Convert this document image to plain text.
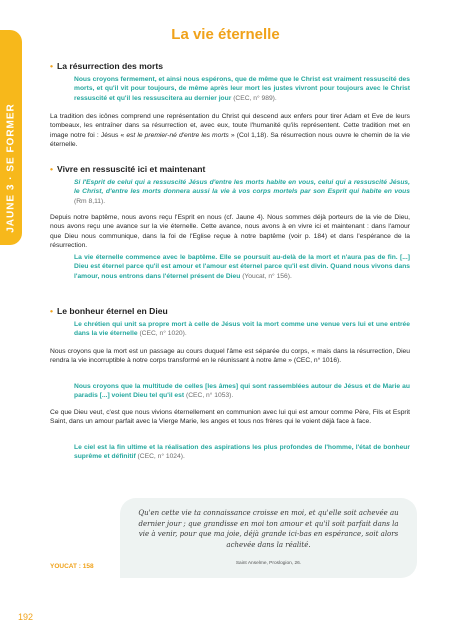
JAUNE 3 · SE FORMER
La vie éternelle
• La résurrection des morts
Nous croyons fermement, et ainsi nous espérons, que de même que le Christ est vraiment ressuscité des morts, et qu'il vit pour toujours, de même après leur mort les justes vivront pour toujours avec le Christ ressuscité et qu'il les ressuscitera au dernier jour (CEC, n° 989).
La tradition des icônes comprend une représentation du Christ qui descend aux enfers pour tirer Adam et Eve de leurs tombeaux, les entraîner dans sa résurrection et, avec eux, toute l'humanité qu'ils représentent. Cette tradition met en image notre foi : Jésus « est le premier-né d'entre les morts » (Col 1,18). Sa résurrection nous ouvre le chemin de la vie éternelle.
• Vivre en ressuscité ici et maintenant
Si l'Esprit de celui qui a ressuscité Jésus d'entre les morts habite en vous, celui qui a ressuscité Jésus, le Christ, d'entre les morts donnera aussi la vie à vos corps mortels par son Esprit qui habite en vous (Rm 8,11).
Depuis notre baptême, nous avons reçu l'Esprit en nous (cf. Jaune 4). Nous sommes déjà porteurs de la vie de Dieu, nous avons reçu une avance sur la vie éternelle. Cette avance, nous avons à en vivre ici et maintenant : dans l'amour que Dieu nous communique, dans la foi de l'Eglise reçue à notre baptême (voir p. 184) et dans l'espérance de la résurrection.
La vie éternelle commence avec le baptême. Elle se poursuit au-delà de la mort et n'aura pas de fin. [...] Dieu est éternel parce qu'il est amour et l'amour est éternel parce qu'il est divin. Quand nous vivons dans l'amour, nous entrons dans l'éternel présent de Dieu (Youcat, n° 156).
• Le bonheur éternel en Dieu
Le chrétien qui unit sa propre mort à celle de Jésus voit la mort comme une venue vers lui et une entrée dans la vie éternelle (CEC, n° 1020).
Nous croyons que la mort est un passage au cours duquel l'âme est séparée du corps, « mais dans la résurrection, Dieu rendra la vie incorruptible à notre corps transformé en le réunissant à notre âme » (CEC, n° 1016).
Nous croyons que la multitude de celles [les âmes] qui sont rassemblées autour de Jésus et de Marie au paradis [...] voient Dieu tel qu'il est (CEC, n° 1053).
Ce que Dieu veut, c'est que nous vivions éternellement en communion avec lui qui est amour comme Père, Fils et Esprit Saint, dans un amour parfait avec la Vierge Marie, les anges et tous nos frères qui le voient déjà face à face.
Le ciel est la fin ultime et la réalisation des aspirations les plus profondes de l'homme, l'état de bonheur suprême et définitif (CEC, n° 1024).
Qu'en cette vie ta connaissance croisse en moi, et qu'elle soit achevée au dernier jour ; que grandisse en moi ton amour et qu'il soit parfait dans la vie à venir, pour que ma joie, déjà grande ici-bas en espérance, soit alors achevée dans la réalité.
Saint Anselme, Proslogion, 26.
YOUCAT : 158
192
